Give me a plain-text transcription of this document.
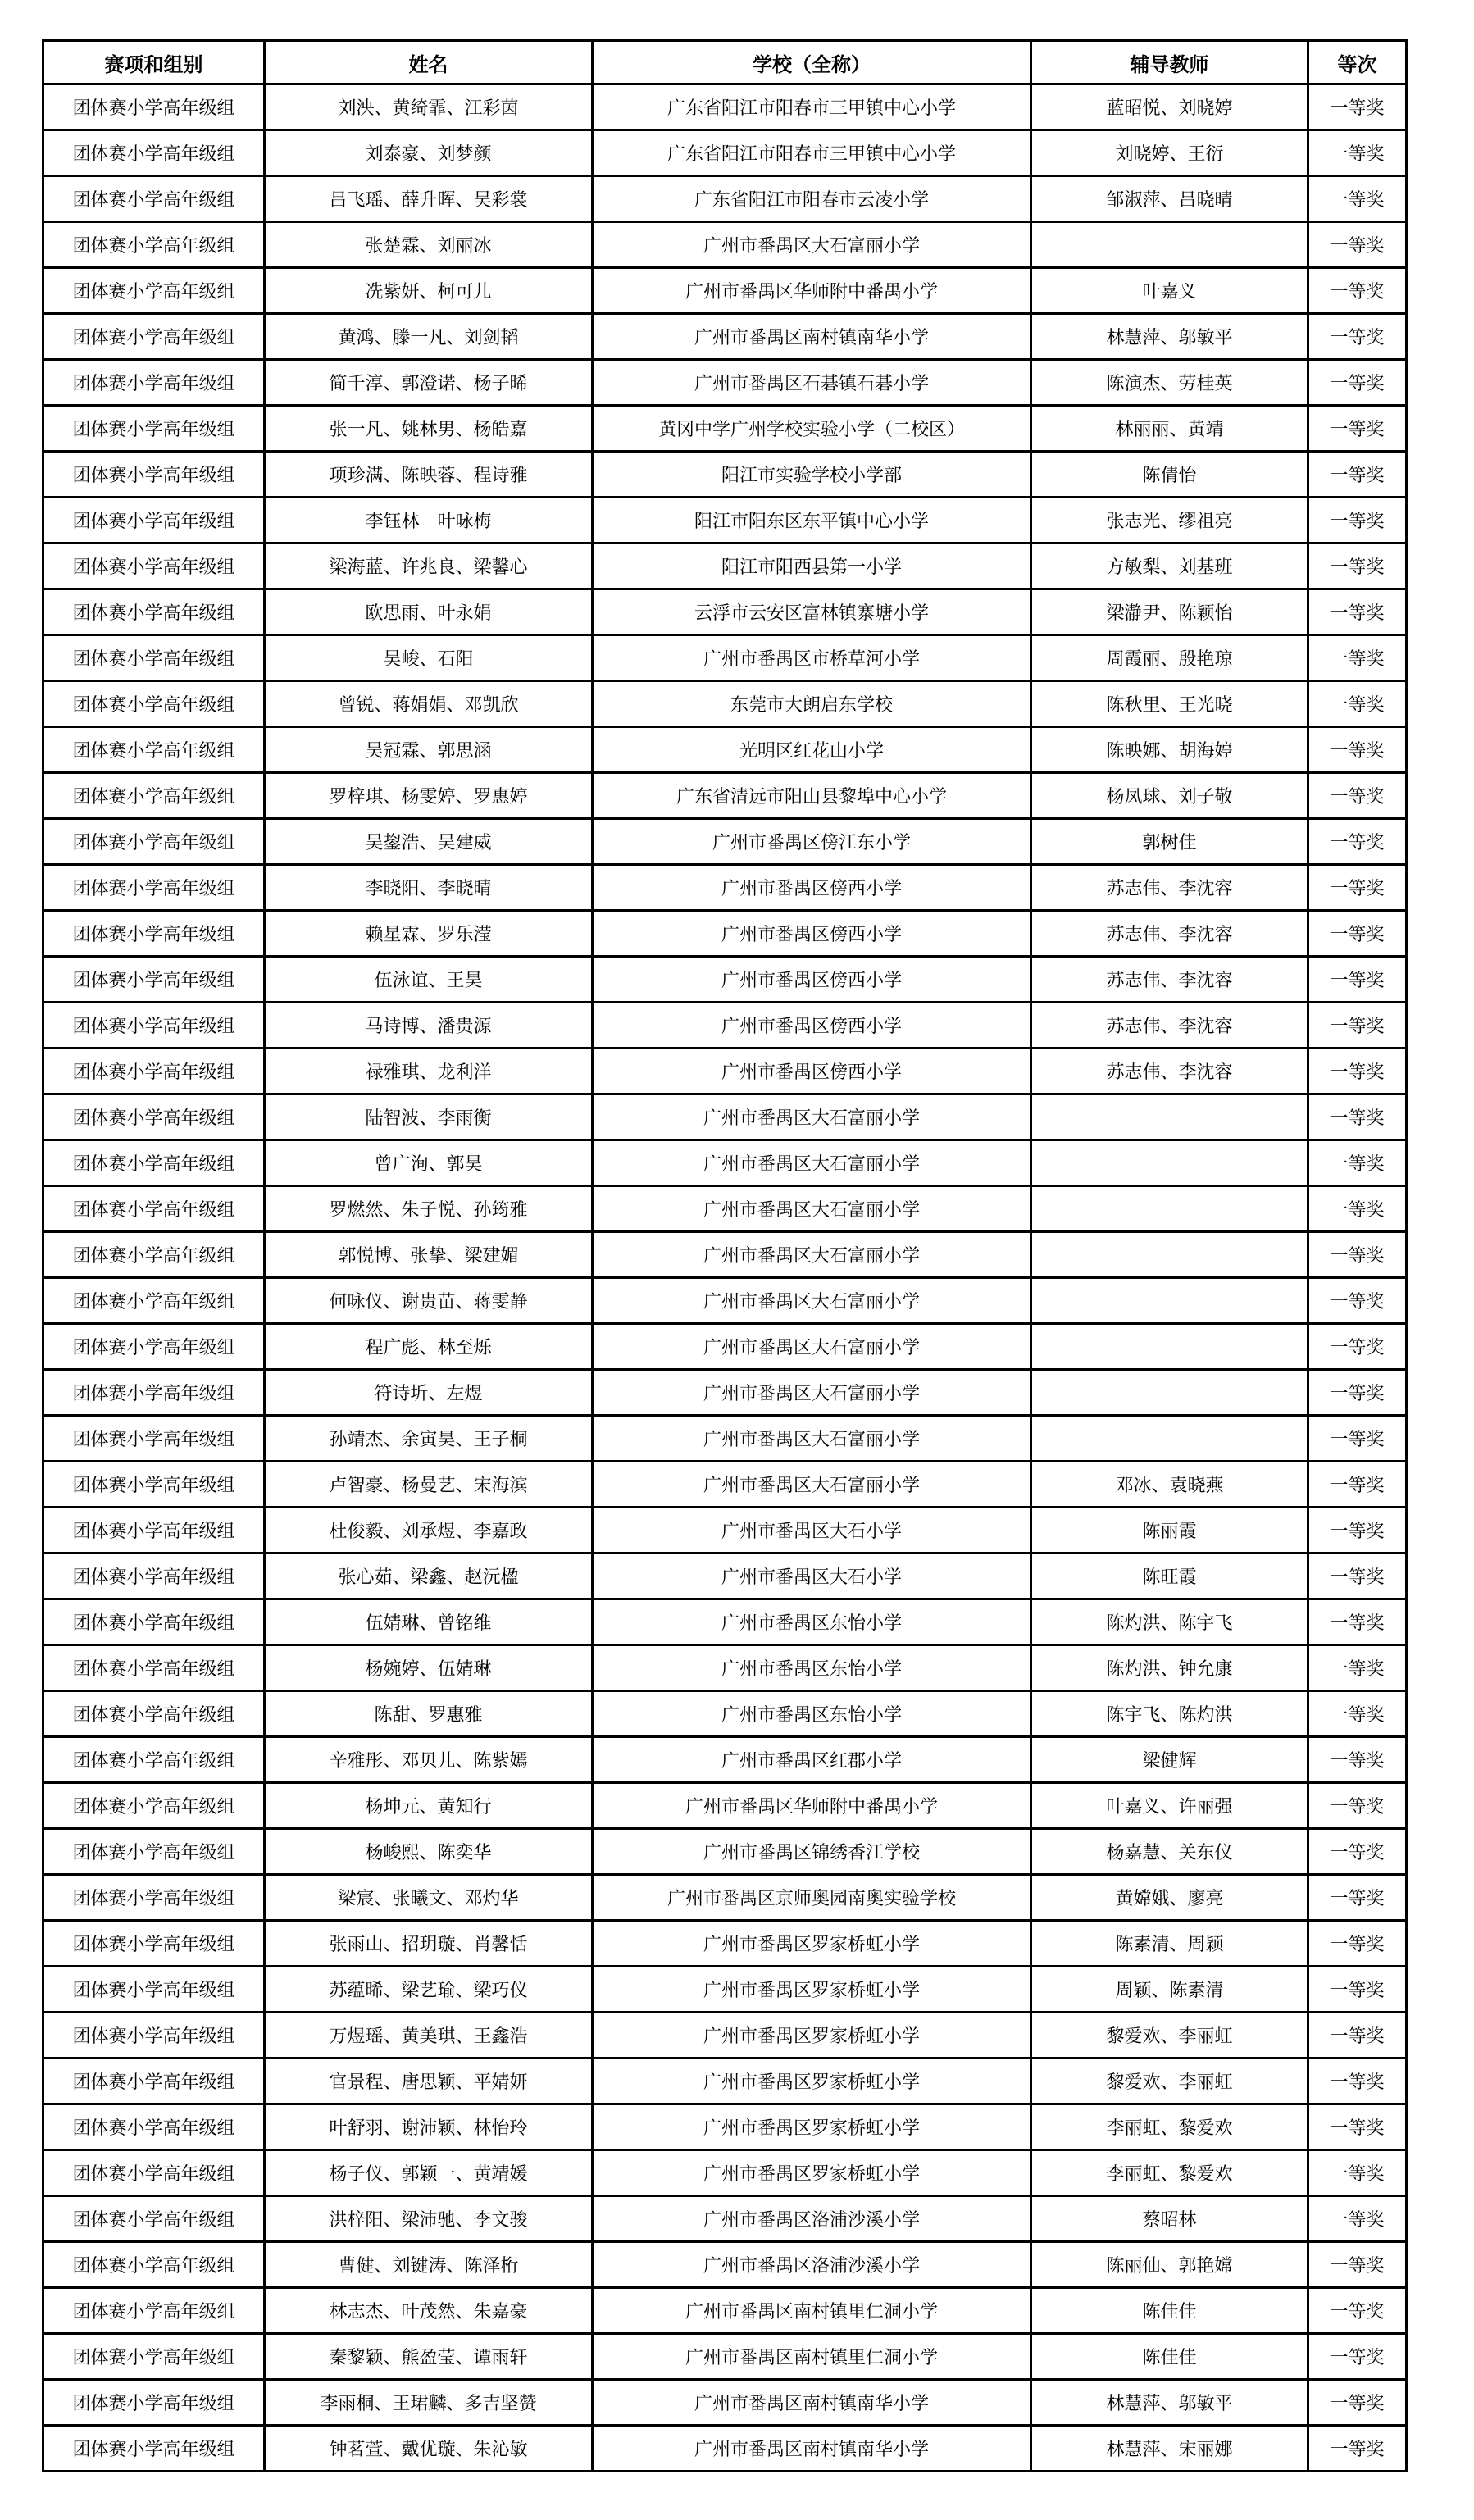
赛项和组别	姓名	学校（全称）	辅导教师	等次
团体赛小学高年级组	刘泱、黄绮霏、江彩茵	广东省阳江市阳春市三甲镇中心小学	蓝昭悦、刘晓婷	一等奖
团体赛小学高年级组	刘泰豪、刘梦颜	广东省阳江市阳春市三甲镇中心小学	刘晓婷、王衍	一等奖
团体赛小学高年级组	吕飞瑶、薛升晖、吴彩裳	广东省阳江市阳春市云凌小学	邹淑萍、吕晓晴	一等奖
团体赛小学高年级组	张楚霖、刘丽冰	广州市番禺区大石富丽小学		一等奖
团体赛小学高年级组	冼紫妍、柯可儿	广州市番禺区华师附中番禺小学	叶嘉义	一等奖
团体赛小学高年级组	黄鸿、滕一凡、刘剑韬	广州市番禺区南村镇南华小学	林慧萍、邬敏平	一等奖
团体赛小学高年级组	简千淳、郭澄诺、杨子晞	广州市番禺区石碁镇石碁小学	陈演杰、劳桂英	一等奖
团体赛小学高年级组	张一凡、姚林男、杨皓嘉	黄冈中学广州学校实验小学（二校区）	林丽丽、黄靖	一等奖
团体赛小学高年级组	项珍满、陈映蓉、程诗雅	阳江市实验学校小学部	陈倩怡	一等奖
团体赛小学高年级组	李钰林　叶咏梅	阳江市阳东区东平镇中心小学	张志光、缪祖亮	一等奖
团体赛小学高年级组	梁海蓝、许兆良、梁馨心	阳江市阳西县第一小学	方敏梨、刘基班	一等奖
团体赛小学高年级组	欧思雨、叶永娟	云浮市云安区富林镇寨塘小学	梁瀞尹、陈颖怡	一等奖
团体赛小学高年级组	吴峻、石阳	广州市番禺区市桥草河小学	周霞丽、殷艳琼	一等奖
团体赛小学高年级组	曾锐、蒋娟娟、邓凯欣	东莞市大朗启东学校	陈秋里、王光晓	一等奖
团体赛小学高年级组	吴冠霖、郭思涵	光明区红花山小学	陈映娜、胡海婷	一等奖
团体赛小学高年级组	罗梓琪、杨雯婷、罗惠婷	广东省清远市阳山县黎埠中心小学	杨凤球、刘子敬	一等奖
团体赛小学高年级组	吴鋆浩、吴建威	广州市番禺区傍江东小学	郭树佳	一等奖
团体赛小学高年级组	李晓阳、李晓晴	广州市番禺区傍西小学	苏志伟、李沈容	一等奖
团体赛小学高年级组	赖星霖、罗乐滢	广州市番禺区傍西小学	苏志伟、李沈容	一等奖
团体赛小学高年级组	伍泳谊、王昊	广州市番禺区傍西小学	苏志伟、李沈容	一等奖
团体赛小学高年级组	马诗博、潘贵源	广州市番禺区傍西小学	苏志伟、李沈容	一等奖
团体赛小学高年级组	禄雅琪、龙利洋	广州市番禺区傍西小学	苏志伟、李沈容	一等奖
团体赛小学高年级组	陆智波、李雨衡	广州市番禺区大石富丽小学		一等奖
团体赛小学高年级组	曾广洵、郭昊	广州市番禺区大石富丽小学		一等奖
团体赛小学高年级组	罗燃然、朱子悦、孙筠雅	广州市番禺区大石富丽小学		一等奖
团体赛小学高年级组	郭悦博、张挚、梁建媚	广州市番禺区大石富丽小学		一等奖
团体赛小学高年级组	何咏仪、谢贵苗、蒋雯静	广州市番禺区大石富丽小学		一等奖
团体赛小学高年级组	程广彪、林至烁	广州市番禺区大石富丽小学		一等奖
团体赛小学高年级组	符诗圻、左煜	广州市番禺区大石富丽小学		一等奖
团体赛小学高年级组	孙靖杰、余寅昊、王子桐	广州市番禺区大石富丽小学		一等奖
团体赛小学高年级组	卢智豪、杨曼艺、宋海滨	广州市番禺区大石富丽小学	邓冰、袁晓燕	一等奖
团体赛小学高年级组	杜俊毅、刘承煜、李嘉政	广州市番禺区大石小学	陈丽霞	一等奖
团体赛小学高年级组	张心茹、梁鑫、赵沅楹	广州市番禺区大石小学	陈旺霞	一等奖
团体赛小学高年级组	伍婧琳、曾铭维	广州市番禺区东怡小学	陈灼洪、陈宇飞	一等奖
团体赛小学高年级组	杨婉婷、伍婧琳	广州市番禺区东怡小学	陈灼洪、钟允康	一等奖
团体赛小学高年级组	陈甜、罗惠雅	广州市番禺区东怡小学	陈宇飞、陈灼洪	一等奖
团体赛小学高年级组	辛雅彤、邓贝儿、陈紫嫣	广州市番禺区红郡小学	梁健辉	一等奖
团体赛小学高年级组	杨坤元、黄知行	广州市番禺区华师附中番禺小学	叶嘉义、许丽强	一等奖
团体赛小学高年级组	杨峻熙、陈奕华	广州市番禺区锦绣香江学校	杨嘉慧、关东仪	一等奖
团体赛小学高年级组	梁宸、张曦文、邓灼华	广州市番禺区京师奥园南奥实验学校	黄嫦娥、廖亮	一等奖
团体赛小学高年级组	张雨山、招玥璇、肖馨恬	广州市番禺区罗家桥虹小学	陈素清、周颖	一等奖
团体赛小学高年级组	苏蕴晞、梁艺瑜、梁巧仪	广州市番禺区罗家桥虹小学	周颖、陈素清	一等奖
团体赛小学高年级组	万煜瑶、黄美琪、王鑫浩	广州市番禺区罗家桥虹小学	黎爱欢、李丽虹	一等奖
团体赛小学高年级组	官景程、唐思颖、平婧妍	广州市番禺区罗家桥虹小学	黎爱欢、李丽虹	一等奖
团体赛小学高年级组	叶舒羽、谢沛颖、林怡玲	广州市番禺区罗家桥虹小学	李丽虹、黎爱欢	一等奖
团体赛小学高年级组	杨子仪、郭颖一、黄靖媛	广州市番禺区罗家桥虹小学	李丽虹、黎爱欢	一等奖
团体赛小学高年级组	洪梓阳、梁沛驰、李文骏	广州市番禺区洛浦沙溪小学	蔡昭林	一等奖
团体赛小学高年级组	曹健、刘键涛、陈泽桁	广州市番禺区洛浦沙溪小学	陈丽仙、郭艳嫦	一等奖
团体赛小学高年级组	林志杰、叶茂然、朱嘉豪	广州市番禺区南村镇里仁洞小学	陈佳佳	一等奖
团体赛小学高年级组	秦黎颖、熊盈莹、谭雨轩	广州市番禺区南村镇里仁洞小学	陈佳佳	一等奖
团体赛小学高年级组	李雨桐、王珺麟、多吉坚赞	广州市番禺区南村镇南华小学	林慧萍、邬敏平	一等奖
团体赛小学高年级组	钟茗萱、戴优璇、朱沁敏	广州市番禺区南村镇南华小学	林慧萍、宋丽娜	一等奖
